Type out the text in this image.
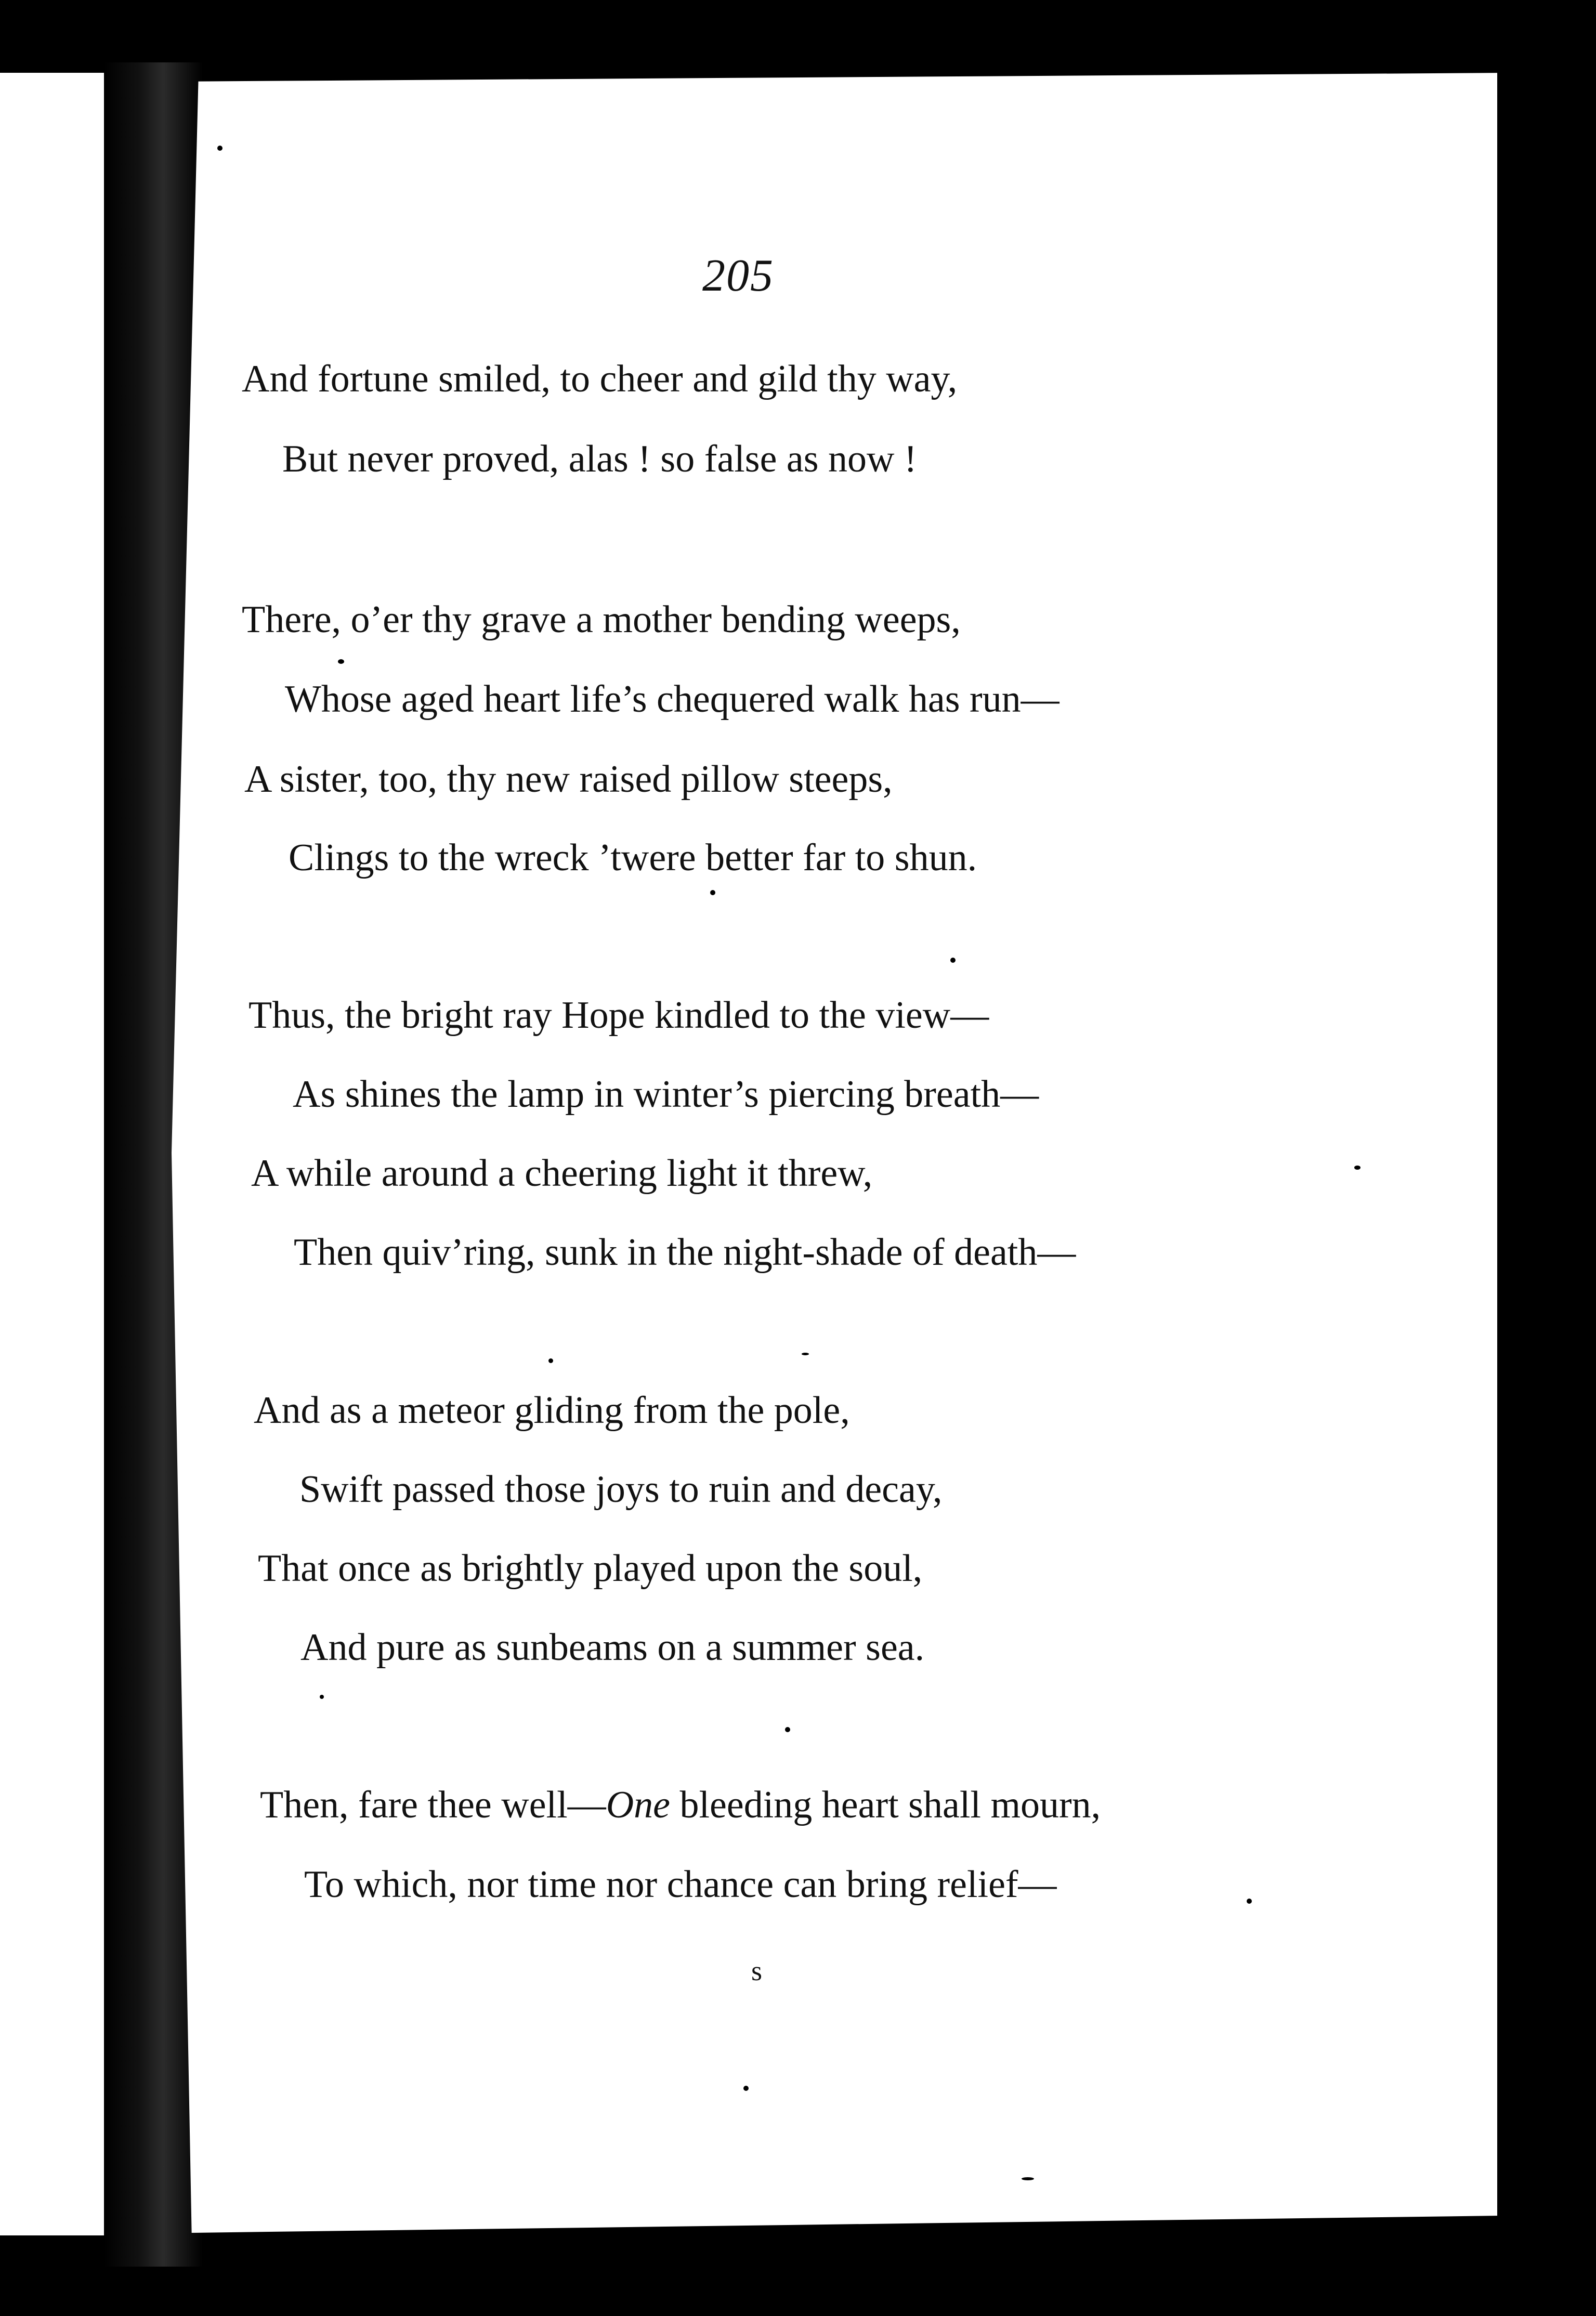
205
And fortune smiled, to cheer and gild thy way,
But never proved, alas ! so false as now !
There, o’er thy grave a mother bending weeps,
Whose aged heart life’s chequered walk has run—
A sister, too, thy new raised pillow steeps,
Clings to the wreck ’twere better far to shun.
Thus, the bright ray Hope kindled to the view—
As shines the lamp in winter’s piercing breath—
A while around a cheering light it threw,
Then quiv’ring, sunk in the night-shade of death—
And as a meteor gliding from the pole,
Swift passed those joys to ruin and decay,
That once as brightly played upon the soul,
And pure as sunbeams on a summer sea.
Then, fare thee well—One bleeding heart shall mourn,
To which, nor time nor chance can bring relief—
s
